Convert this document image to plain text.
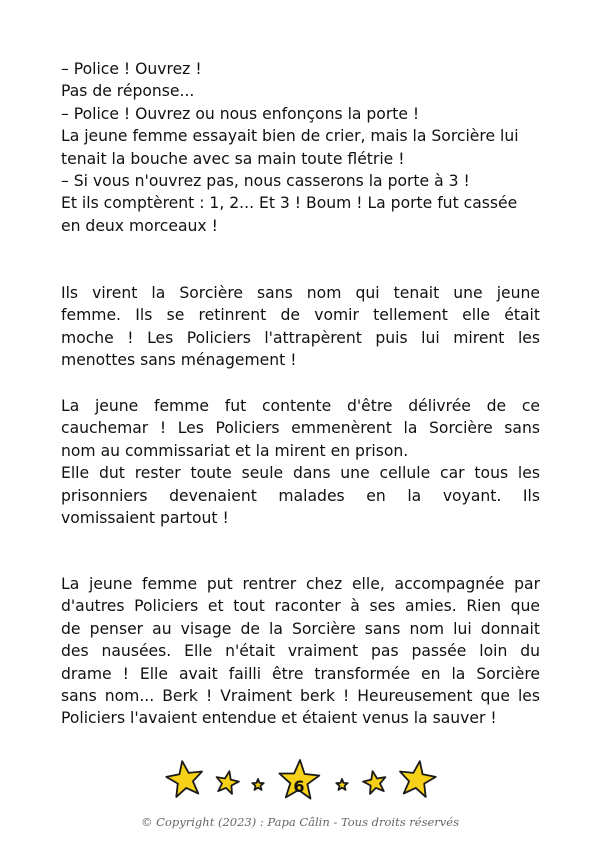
– Police ! Ouvrez !
Pas de réponse...
– Police ! Ouvrez ou nous enfonçons la porte !
La jeune femme essayait bien de crier, mais la Sorcière lui
tenait la bouche avec sa main toute flétrie !
– Si vous n'ouvrez pas, nous casserons la porte à 3 !
Et ils comptèrent : 1, 2... Et 3 ! Boum ! La porte fut cassée
en deux morceaux !
Ils virent la Sorcière sans nom qui tenait une jeune
femme. Ils se retinrent de vomir tellement elle était
moche ! Les Policiers l'attrapèrent puis lui mirent les
menottes sans ménagement !
La jeune femme fut contente d'être délivrée de ce
cauchemar ! Les Policiers emmenèrent la Sorcière sans
nom au commissariat et la mirent en prison.
Elle dut rester toute seule dans une cellule car tous les
prisonniers devenaient malades en la voyant. Ils
vomissaient partout !
La jeune femme put rentrer chez elle, accompagnée par
d'autres Policiers et tout raconter à ses amies. Rien que
de penser au visage de la Sorcière sans nom lui donnait
des nausées. Elle n'était vraiment pas passée loin du
drame ! Elle avait failli être transformée en la Sorcière
sans nom... Berk ! Vraiment berk ! Heureusement que les
Policiers l'avaient entendue et étaient venus la sauver !
6
© Copyright (2023) : Papa Câlin - Tous droits réservés
